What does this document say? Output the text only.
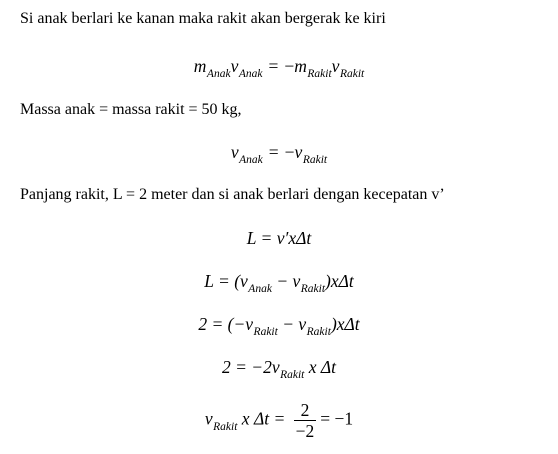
Si anak berlari ke kanan maka rakit akan bergerak ke kiri
$m_{Anak}v_{Anak} = -m_{Rakit}v_{Rakit}$
Massa anak = massa rakit = 50 kg,
$v_{Anak} = -v_{Rakit}$
Panjang rakit, L = 2 meter dan si anak berlari dengan kecepatan v’
L = v′xΔt
$L = (v_{Anak} - v_{Rakit})x\Delta t$
$2 = (-v_{Rakit} - v_{Rakit})x\Delta t$
$2 = -2v_{Rakit}$ x Δt
$v_{Rakit}$ x $\Delta t = \frac{2}{-2} = -1$
